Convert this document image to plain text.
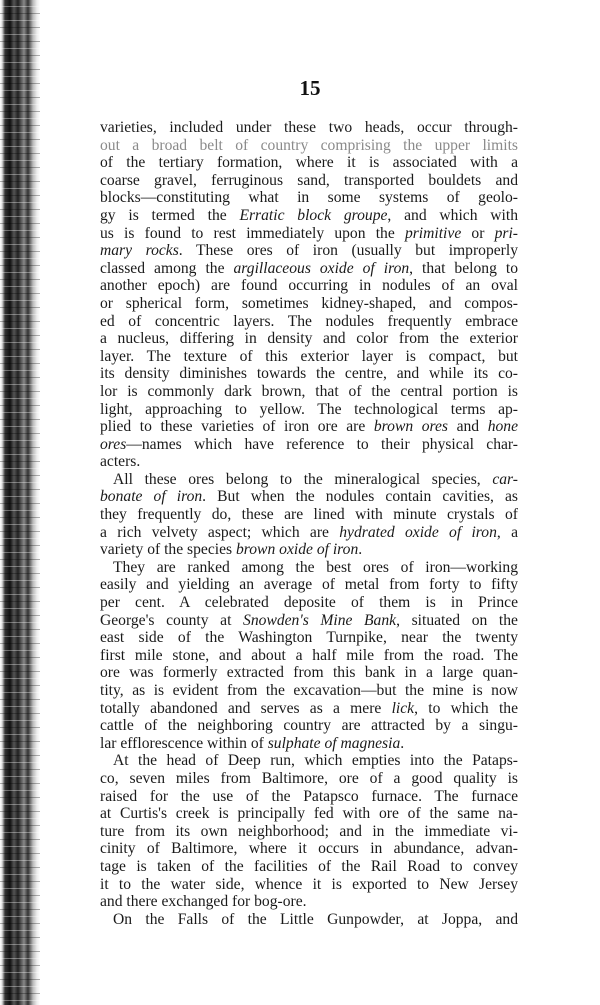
15
varieties, included under these two heads, occur through-
out a broad belt of country comprising the upper limits
of the tertiary formation, where it is associated with a
coarse gravel, ferruginous sand, transported bouldets and
blocks—constituting what in some systems of geolo-
gy is termed the Erratic block groupe, and which with
us is found to rest immediately upon the primitive or pri-
mary rocks. These ores of iron (usually but improperly
classed among the argillaceous oxide of iron, that belong to
another epoch) are found occurring in nodules of an oval
or spherical form, sometimes kidney-shaped, and compos-
ed of concentric layers. The nodules frequently embrace
a nucleus, differing in density and color from the exterior
layer. The texture of this exterior layer is compact, but
its density diminishes towards the centre, and while its co-
lor is commonly dark brown, that of the central portion is
light, approaching to yellow. The technological terms ap-
plied to these varieties of iron ore are brown ores and hone
ores—names which have reference to their physical char-
acters.
All these ores belong to the mineralogical species, car-
bonate of iron. But when the nodules contain cavities, as
they frequently do, these are lined with minute crystals of
a rich velvety aspect; which are hydrated oxide of iron, a
variety of the species brown oxide of iron.
They are ranked among the best ores of iron—working
easily and yielding an average of metal from forty to fifty
per cent. A celebrated deposite of them is in Prince
George's county at Snowden's Mine Bank, situated on the
east side of the Washington Turnpike, near the twenty
first mile stone, and about a half mile from the road. The
ore was formerly extracted from this bank in a large quan-
tity, as is evident from the excavation—but the mine is now
totally abandoned and serves as a mere lick, to which the
cattle of the neighboring country are attracted by a singu-
lar efflorescence within of sulphate of magnesia.
At the head of Deep run, which empties into the Pataps-
co, seven miles from Baltimore, ore of a good quality is
raised for the use of the Patapsco furnace. The furnace
at Curtis's creek is principally fed with ore of the same na-
ture from its own neighborhood; and in the immediate vi-
cinity of Baltimore, where it occurs in abundance, advan-
tage is taken of the facilities of the Rail Road to convey
it to the water side, whence it is exported to New Jersey
and there exchanged for bog-ore.
On the Falls of the Little Gunpowder, at Joppa, and
